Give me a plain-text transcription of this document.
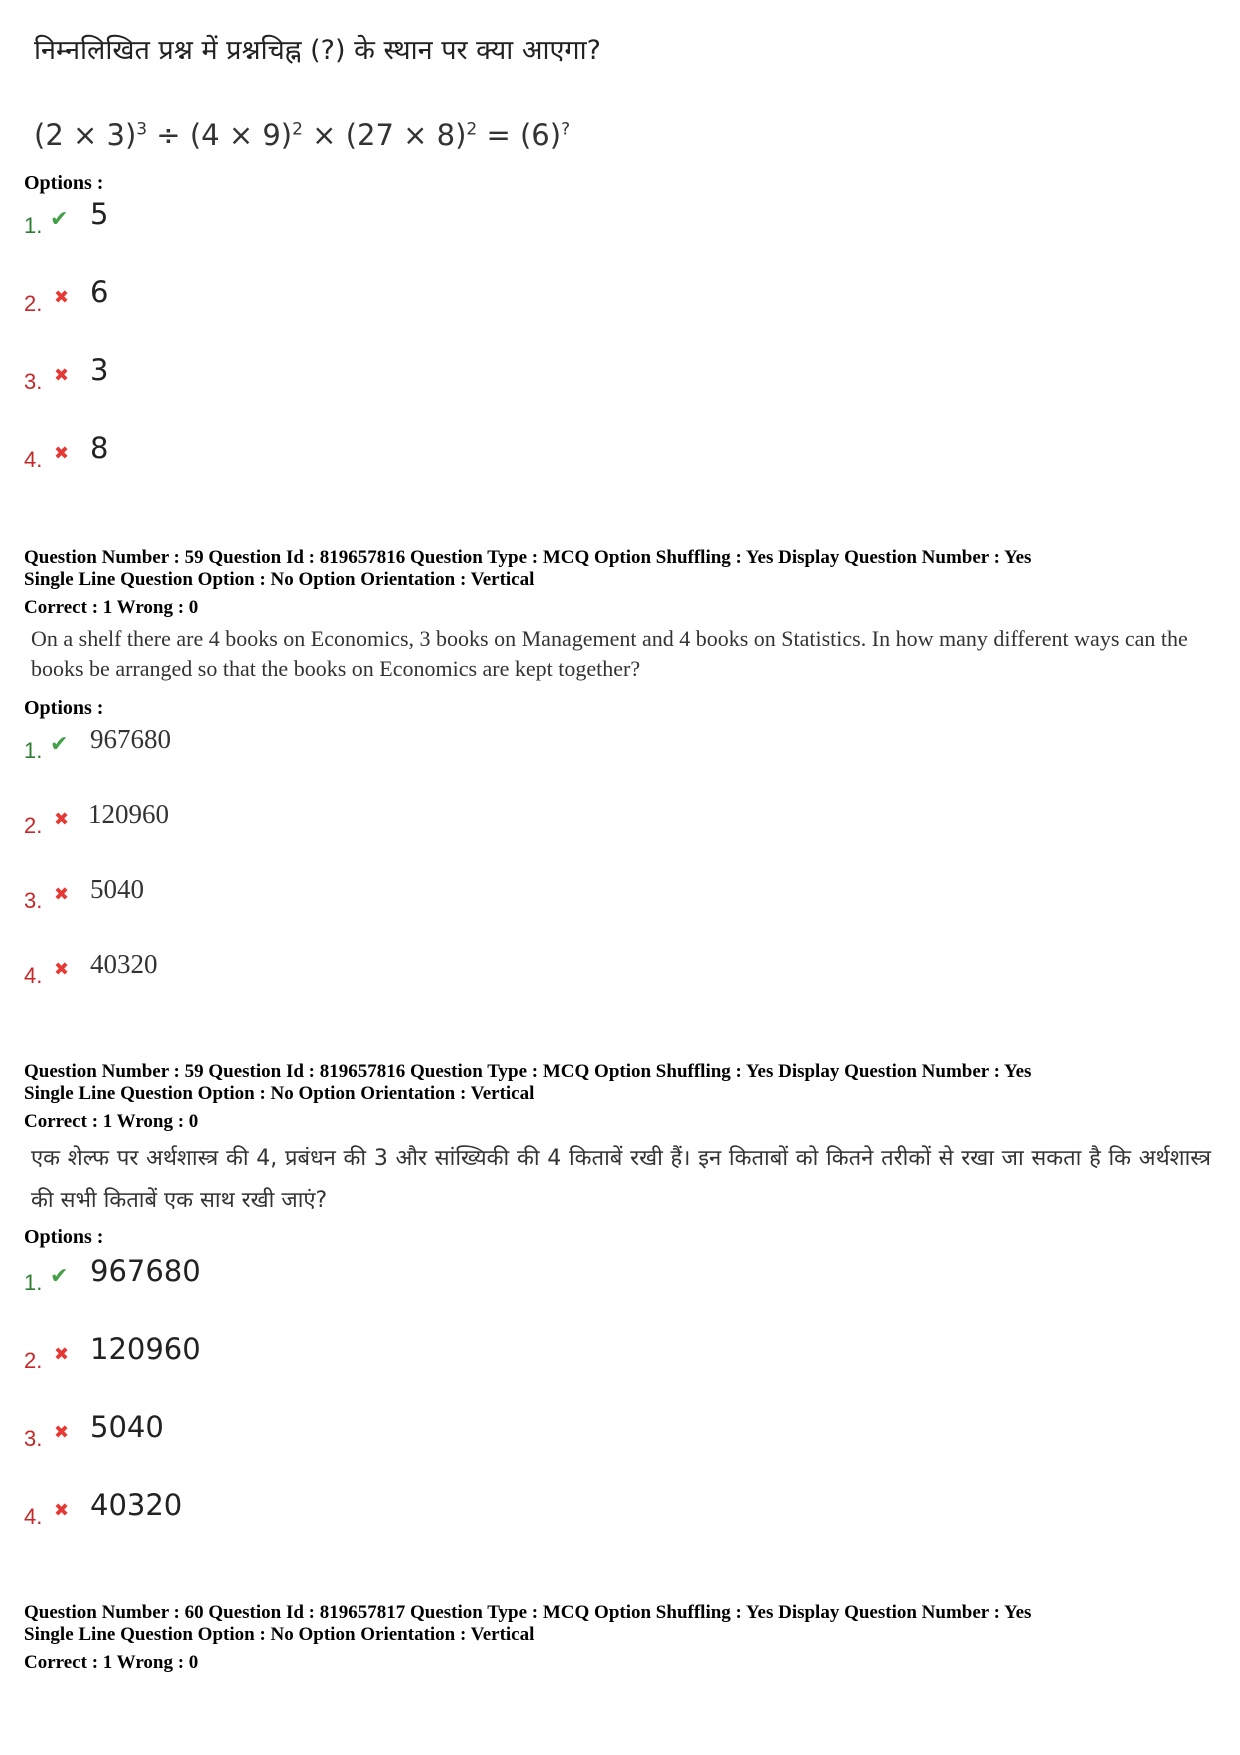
निम्नलिखित प्रश्न में प्रश्नचिह्न (?) के स्थान पर क्या आएगा?
$(2 \times 3)^3 \div (4 \times 9)^2 \times (27 \times 8)^2 = (6)^?$
Options :
1. ✔ 5
2. ✖ 6
3. ✖ 3
4. ✖ 8
Question Number : 59 Question Id : 819657816 Question Type : MCQ Option Shuffling : Yes Display Question Number : Yes
Single Line Question Option : No Option Orientation : Vertical
Correct : 1 Wrong : 0
On a shelf there are 4 books on Economics, 3 books on Management and 4 books on Statistics. In how many different ways can the books be arranged so that the books on Economics are kept together?
Options :
1. ✔ 967680
2. ✖ 120960
3. ✖ 5040
4. ✖ 40320
Question Number : 59 Question Id : 819657816 Question Type : MCQ Option Shuffling : Yes Display Question Number : Yes
Single Line Question Option : No Option Orientation : Vertical
Correct : 1 Wrong : 0
एक शेल्फ पर अर्थशास्त्र की 4, प्रबंधन की 3 और सांख्यिकी की 4 किताबें रखी हैं। इन किताबों को कितने तरीकों से रखा जा सकता है कि अर्थशास्त्र की सभी किताबें एक साथ रखी जाएं?
Options :
1. ✔ 967680
2. ✖ 120960
3. ✖ 5040
4. ✖ 40320
Question Number : 60 Question Id : 819657817 Question Type : MCQ Option Shuffling : Yes Display Question Number : Yes
Single Line Question Option : No Option Orientation : Vertical
Correct : 1 Wrong : 0
